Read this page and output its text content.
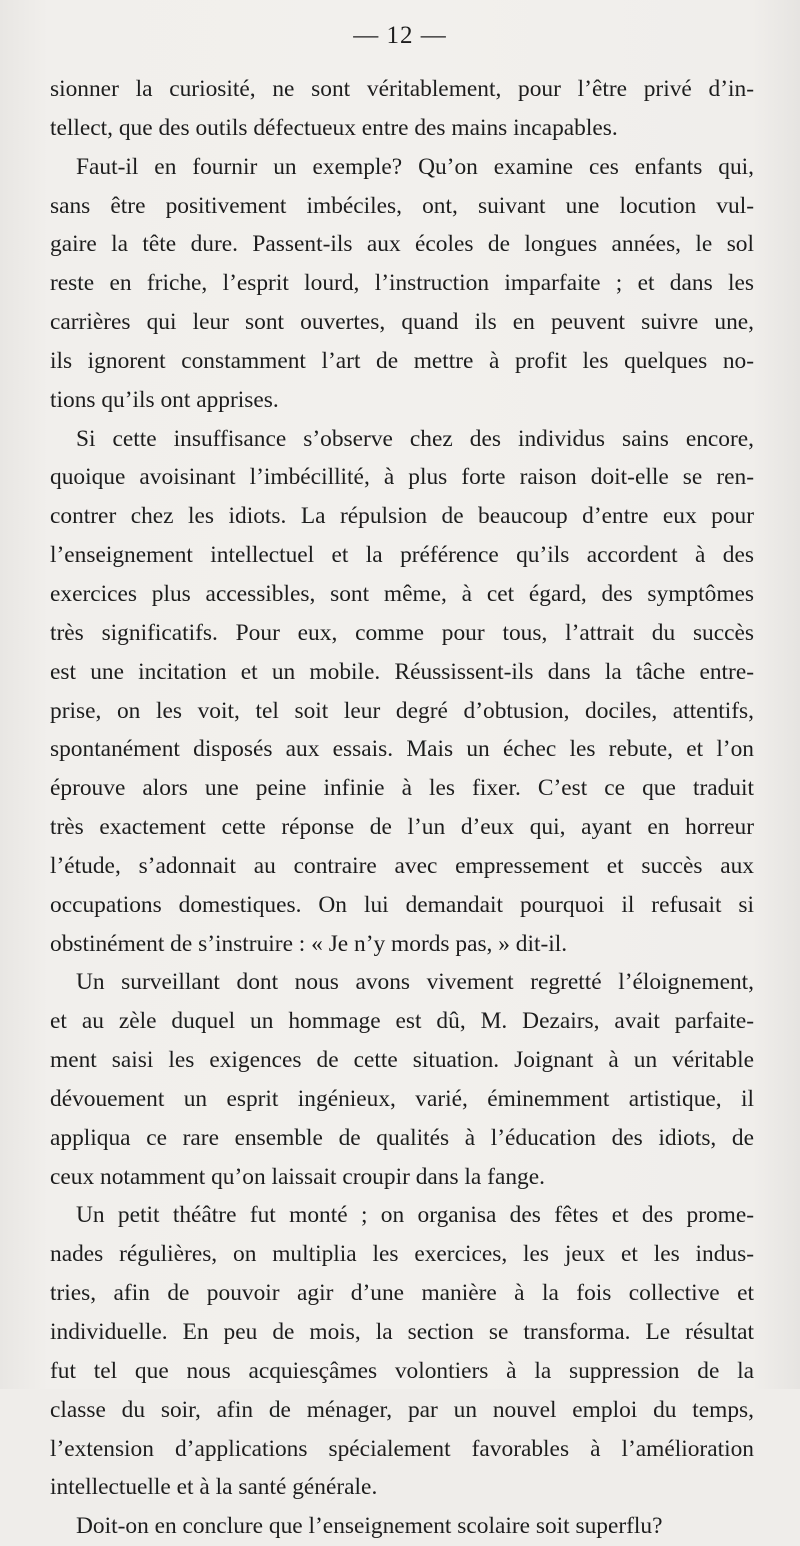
— 12 —
sionner la curiosité, ne sont véritablement, pour l’être privé d’in-
tellect, que des outils défectueux entre des mains incapables.
Faut-il en fournir un exemple? Qu’on examine ces enfants qui,
sans être positivement imbéciles, ont, suivant une locution vul-
gaire la tête dure. Passent-ils aux écoles de longues années, le sol
reste en friche, l’esprit lourd, l’instruction imparfaite ; et dans les
carrières qui leur sont ouvertes, quand ils en peuvent suivre une,
ils ignorent constamment l’art de mettre à profit les quelques no-
tions qu’ils ont apprises.
Si cette insuffisance s’observe chez des individus sains encore,
quoique avoisinant l’imbécillité, à plus forte raison doit-elle se ren-
contrer chez les idiots. La répulsion de beaucoup d’entre eux pour
l’enseignement intellectuel et la préférence qu’ils accordent à des
exercices plus accessibles, sont même, à cet égard, des symptômes
très significatifs. Pour eux, comme pour tous, l’attrait du succès
est une incitation et un mobile. Réussissent-ils dans la tâche entre-
prise, on les voit, tel soit leur degré d’obtusion, dociles, attentifs,
spontanément disposés aux essais. Mais un échec les rebute, et l’on
éprouve alors une peine infinie à les fixer. C’est ce que traduit
très exactement cette réponse de l’un d’eux qui, ayant en horreur
l’étude, s’adonnait au contraire avec empressement et succès aux
occupations domestiques. On lui demandait pourquoi il refusait si
obstinément de s’instruire : « Je n’y mords pas, » dit-il.
Un surveillant dont nous avons vivement regretté l’éloignement,
et au zèle duquel un hommage est dû, M. Dezairs, avait parfaite-
ment saisi les exigences de cette situation. Joignant à un véritable
dévouement un esprit ingénieux, varié, éminemment artistique, il
appliqua ce rare ensemble de qualités à l’éducation des idiots, de
ceux notamment qu’on laissait croupir dans la fange.
Un petit théâtre fut monté ; on organisa des fêtes et des prome-
nades régulières, on multiplia les exercices, les jeux et les indus-
tries, afin de pouvoir agir d’une manière à la fois collective et
individuelle. En peu de mois, la section se transforma. Le résultat
fut tel que nous acquiesçâmes volontiers à la suppression de la
classe du soir, afin de ménager, par un nouvel emploi du temps,
l’extension d’applications spécialement favorables à l’amélioration
intellectuelle et à la santé générale.
Doit-on en conclure que l’enseignement scolaire soit superflu?
